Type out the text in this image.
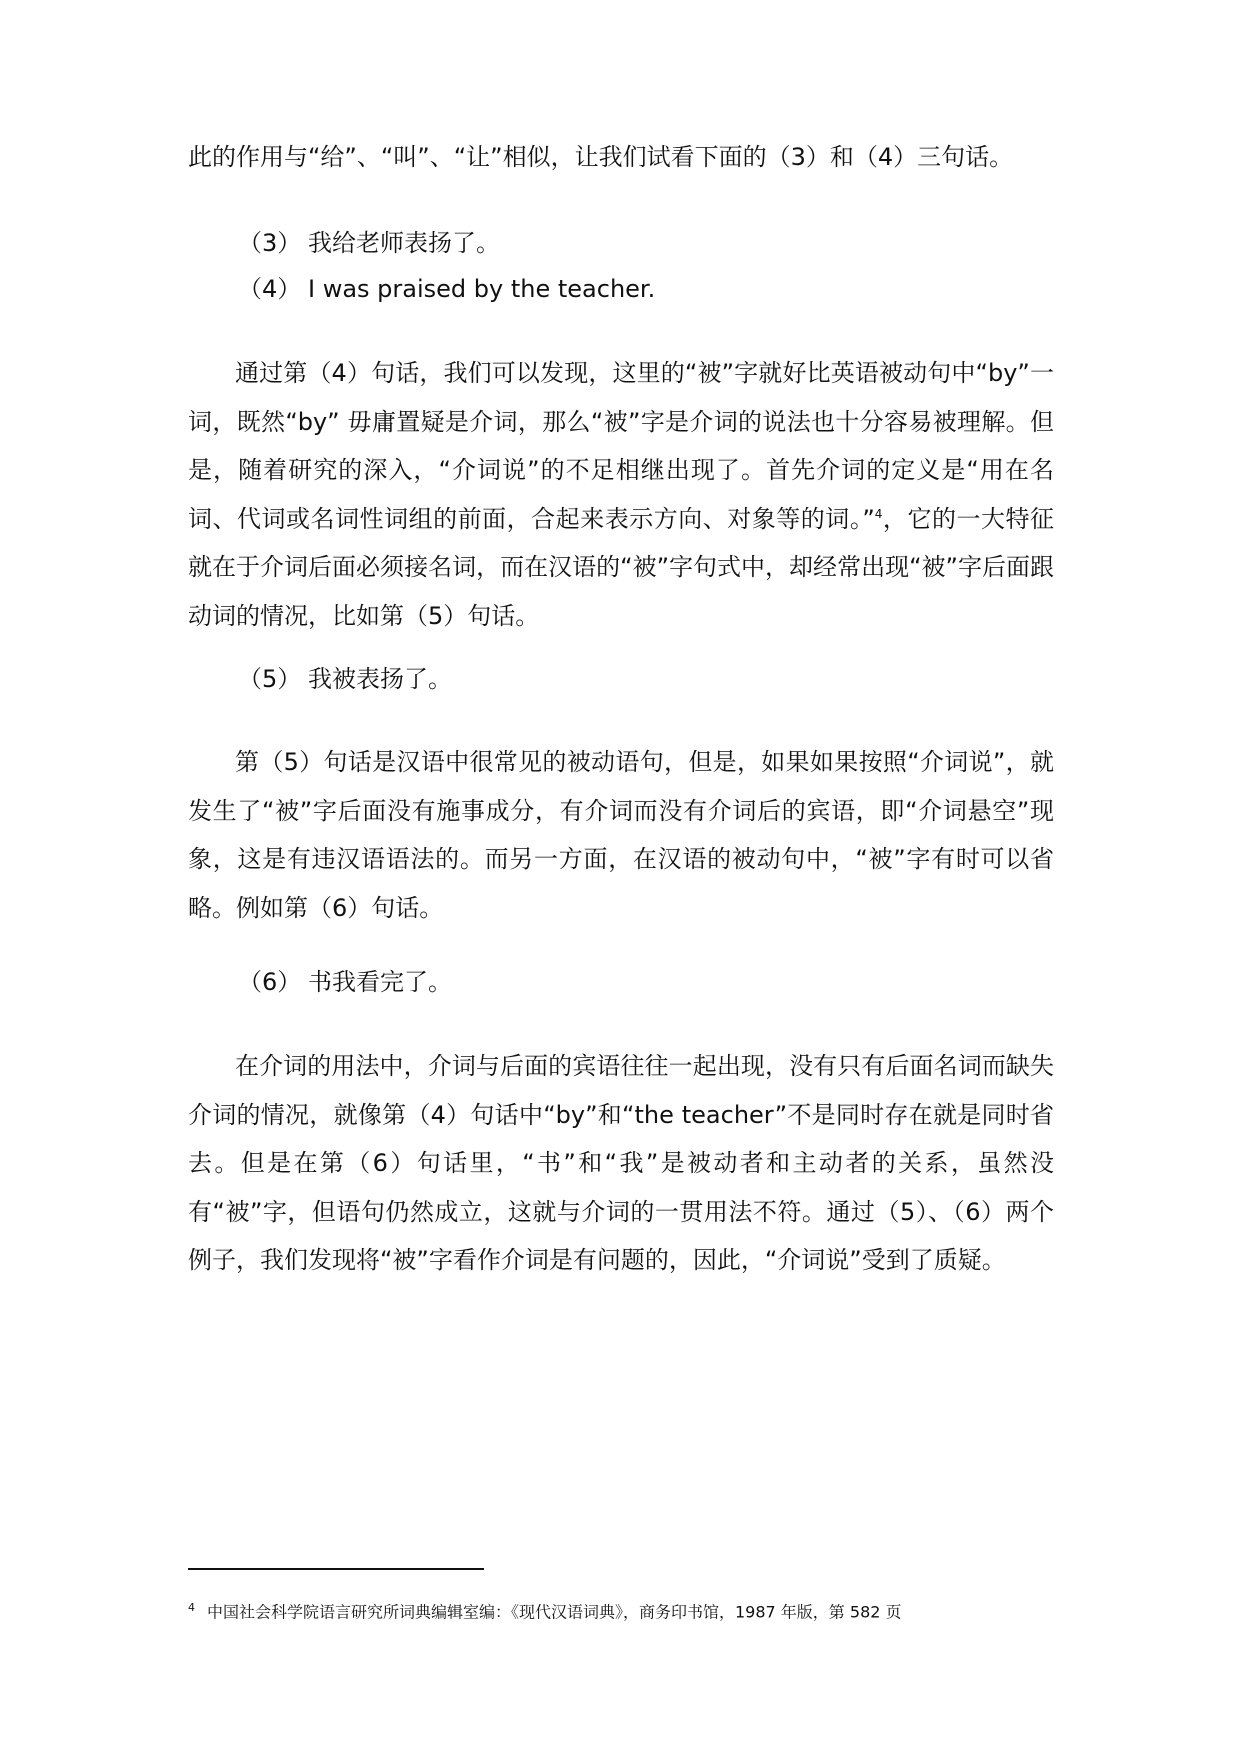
此的作用与“给”、“叫”、“让”相似，让我们试看下面的（3）和（4）三句话。

（3） 我给老师表扬了。
（4） I was praised by the teacher.

通过第（4）句话，我们可以发现，这里的“被”字就好比英语被动句中“by”一词，既然“by” 毋庸置疑是介词，那么“被”字是介词的说法也十分容易被理解。但是，随着研究的深入，“介词说”的不足相继出现了。首先介词的定义是“用在名词、代词或名词性词组的前面，合起来表示方向、对象等的词。”$^4$，它的一大特征就在于介词后面必须接名词，而在汉语的“被”字句式中，却经常出现“被”字后面跟动词的情况，比如第（5）句话。

（5） 我被表扬了。

第（5）句话是汉语中很常见的被动语句，但是，如果如果按照“介词说”，就发生了“被”字后面没有施事成分，有介词而没有介词后的宾语，即“介词悬空”现象，这是有违汉语语法的。而另一方面，在汉语的被动句中，“被”字有时可以省略。例如第（6）句话。

（6） 书我看完了。

在介词的用法中，介词与后面的宾语往往一起出现，没有只有后面名词而缺失介词的情况，就像第（4）句话中“by”和“the teacher”不是同时存在就是同时省去。但是在第（6）句话里，“书”和“我”是被动者和主动者的关系，虽然没有“被”字，但语句仍然成立，这就与介词的一贯用法不符。通过（5）、（6）两个例子，我们发现将“被”字看作介词是有问题的，因此，“介词说”受到了质疑。

$^4$ 中国社会科学院语言研究所词典编辑室编：《现代汉语词典》，商务印书馆，1987 年版，第 582 页
